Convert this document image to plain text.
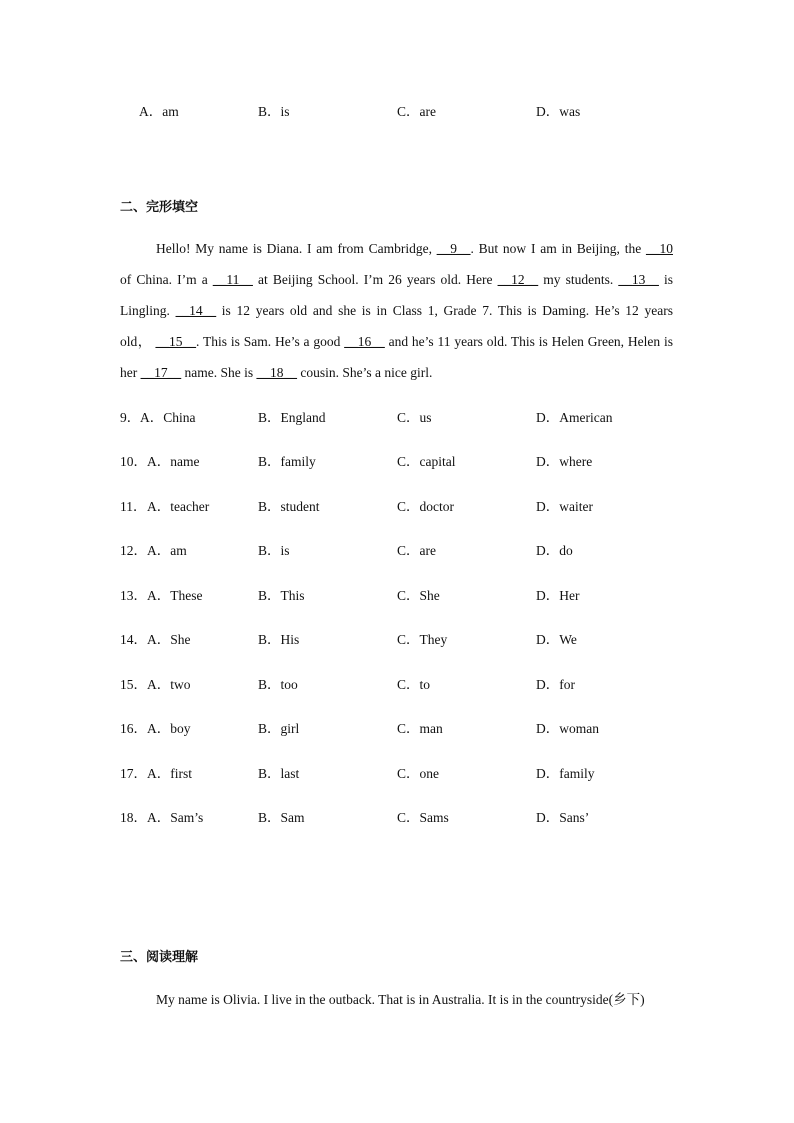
A．am	B．is	C．are	D．was
二、完形填空
Hello! My name is Diana. I am from Cambridge, __9__. But now I am in Beijing, the __10
of China. I’m a __11__ at Beijing School. I’m 26 years old. Here __12__ my students. __13__ is
Lingling. __14__ is 12 years old and she is in Class 1, Grade 7. This is Daming. He’s 12 years
old， __15__. This is Sam. He’s a good __16__ and he’s 11 years old. This is Helen Green, Helen is
her __17__ name. She is __18__ cousin. She’s a nice girl.
9． A．China	B．England	C．us	D．American
10． A．name	B．family	C．capital	D．where
11． A．teacher	B．student	C．doctor	D．waiter
12． A．am	B．is	C．are	D．do
13． A．These	B．This	C．She	D．Her
14． A．She	B．His	C．They	D．We
15． A．two	B．too	C．to	D．for
16． A．boy	B．girl	C．man	D．woman
17． A．first	B．last	C．one	D．family
18． A．Sam’s	B．Sam	C．Sams	D．Sans’
三、阅读理解
My name is Olivia. I live in the outback. That is in Australia. It is in the countryside(乡下)
